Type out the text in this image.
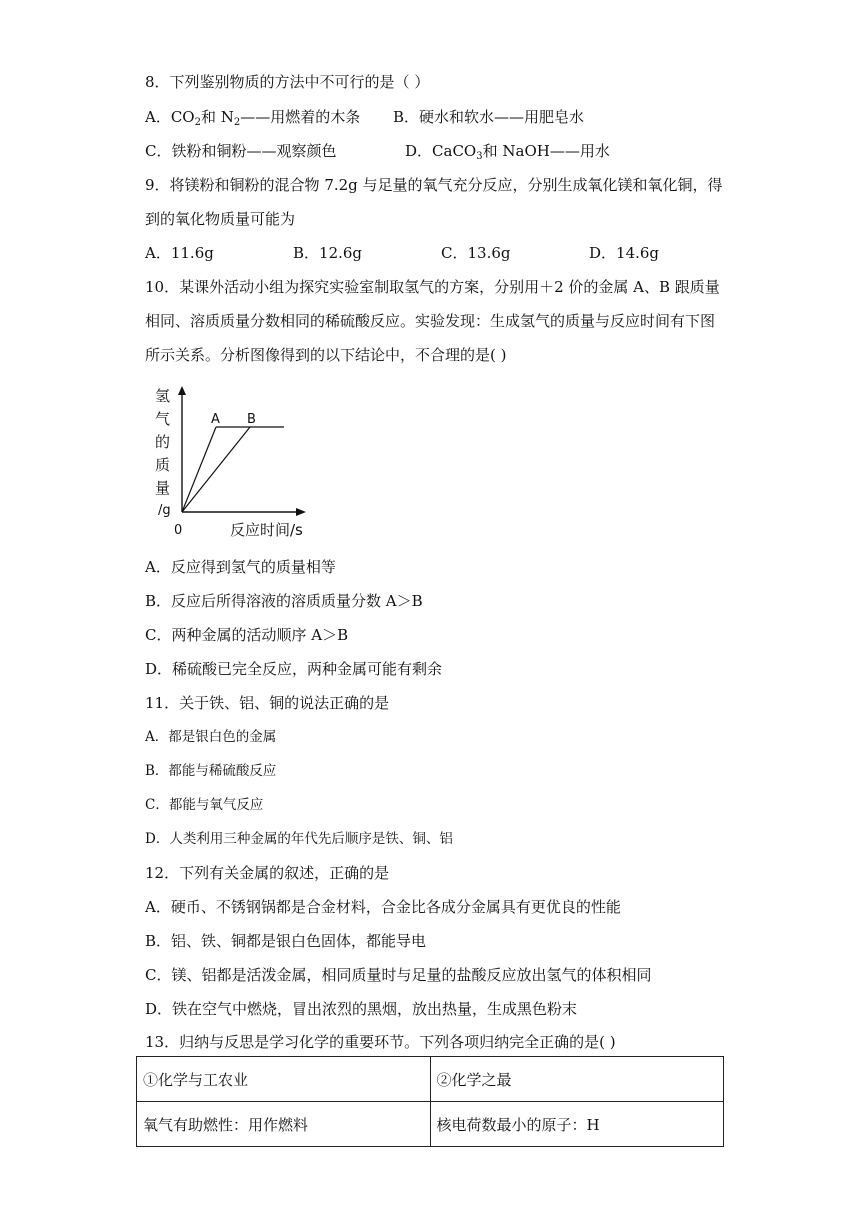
8．下列鉴别物质的方法中不可行的是（ ）
A．$CO_2$和 $N_2——$用燃着的木条 B．硬水和软水——用肥皂水
C．铁粉和铜粉——观察颜色	D．CaCO$_3$和 NaOH——用水
9．将镁粉和铜粉的混合物 7.2g 与足量的氧气充分反应，分别生成氧化镁和氧化铜，得
到的氧化物质量可能为
A．11.6g	B．12.6g	C．13.6g	D．14.6g
10．某课外活动小组为探究实验室制取氢气的方案，分别用＋2 价的金属 A、B 跟质量
相同、溶质质量分数相同的稀硫酸反应。实验发现：生成氢气的质量与反应时间有下图
所示关系。分析图像得到的以下结论中，不合理的是( )
A B
氢
气
的
质
量
/g
0	反应时间/s
A．反应得到氢气的质量相等
B．反应后所得溶液的溶质质量分数 A＞B
C．两种金属的活动顺序 A＞B
D．稀硫酸已完全反应，两种金属可能有剩余
11．关于铁、铝、铜的说法正确的是
A．都是银白色的金属
B．都能与稀硫酸反应
C．都能与氧气反应
D．人类利用三种金属的年代先后顺序是铁、铜、铝
12．下列有关金属的叙述，正确的是
A．硬币、不锈钢锅都是合金材料，合金比各成分金属具有更优良的性能
B．铝、铁、铜都是银白色固体，都能导电
C．镁、铝都是活泼金属，相同质量时与足量的盐酸反应放出氢气的体积相同
D．铁在空气中燃烧，冒出浓烈的黑烟，放出热量，生成黑色粉末
13．归纳与反思是学习化学的重要环节。下列各项归纳完全正确的是( )
①化学与工农业	②化学之最
氧气有助燃性：用作燃料	核电荷数最小的原子：H
